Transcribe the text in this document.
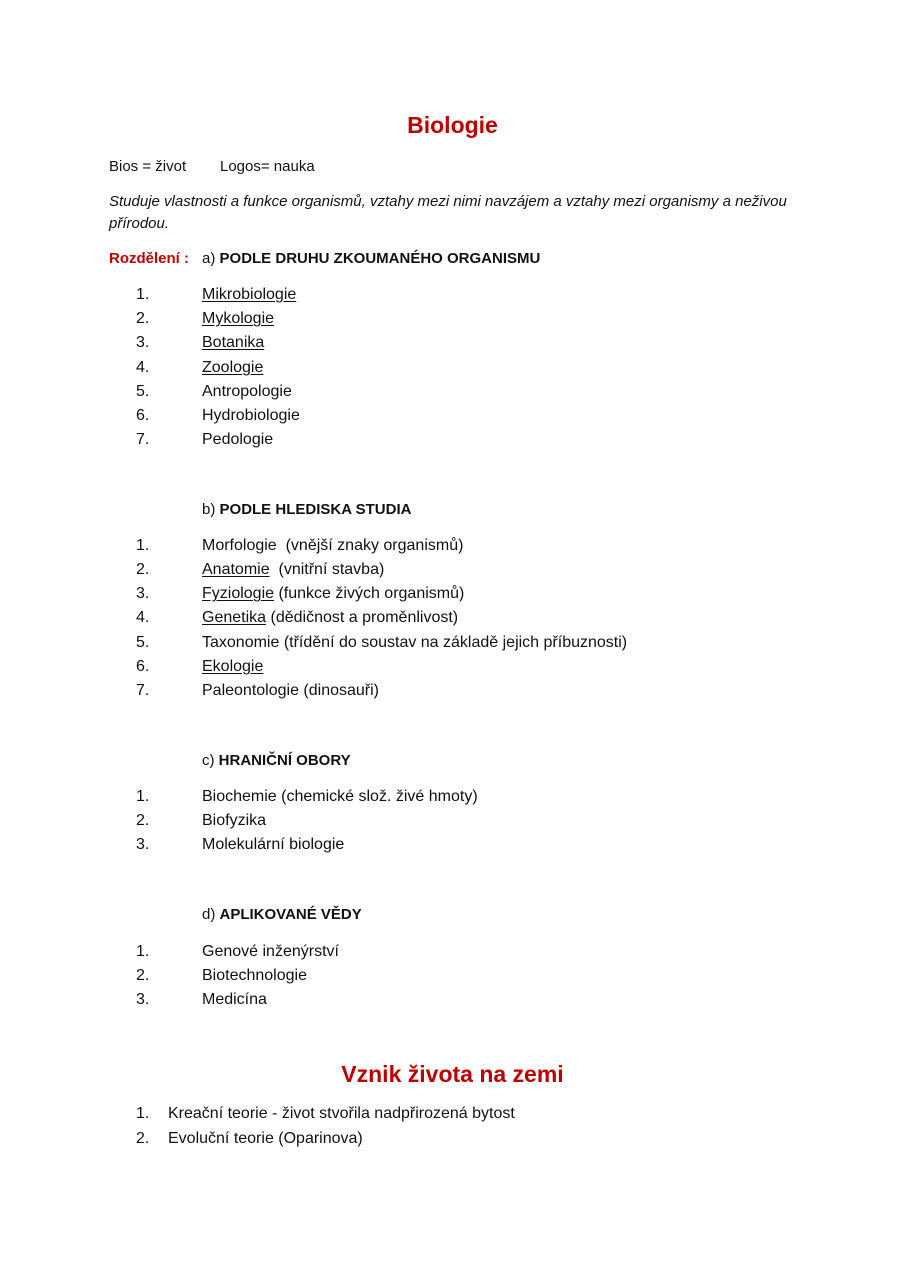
Biologie
Bios = život Logos= nauka
Studuje vlastnosti a funkce organismů, vztahy mezi nimi navzájem a vztahy mezi organismy a neživou
přírodou.
Rozdělení : a) PODLE DRUHU ZKOUMANÉHO ORGANISMU
1.	Mikrobiologie
2.	Mykologie
3.	Botanika
4.	Zoologie
5.	Antropologie
6.	Hydrobiologie
7.	Pedologie
b) PODLE HLEDISKA STUDIA
1.	Morfologie  (vnější znaky organismů)
2.	Anatomie  (vnitřní stavba)
3.	Fyziologie (funkce živých organismů)
4.	Genetika (dědičnost a proměnlivost)
5.	Taxonomie (třídění do soustav na základě jejich příbuznosti)
6.	Ekologie
7.	Paleontologie (dinosauři)
c) HRANIČNÍ OBORY
1.	Biochemie (chemické slož. živé hmoty)
2.	Biofyzika
3.	Molekulární biologie
d) APLIKOVANÉ VĚDY
1.	Genové inženýrství
2.	Biotechnologie
3.	Medicína
Vznik života na zemi
1. Kreační teorie - život stvořila nadpřirozená bytost
2. Evoluční teorie (Oparinova)
